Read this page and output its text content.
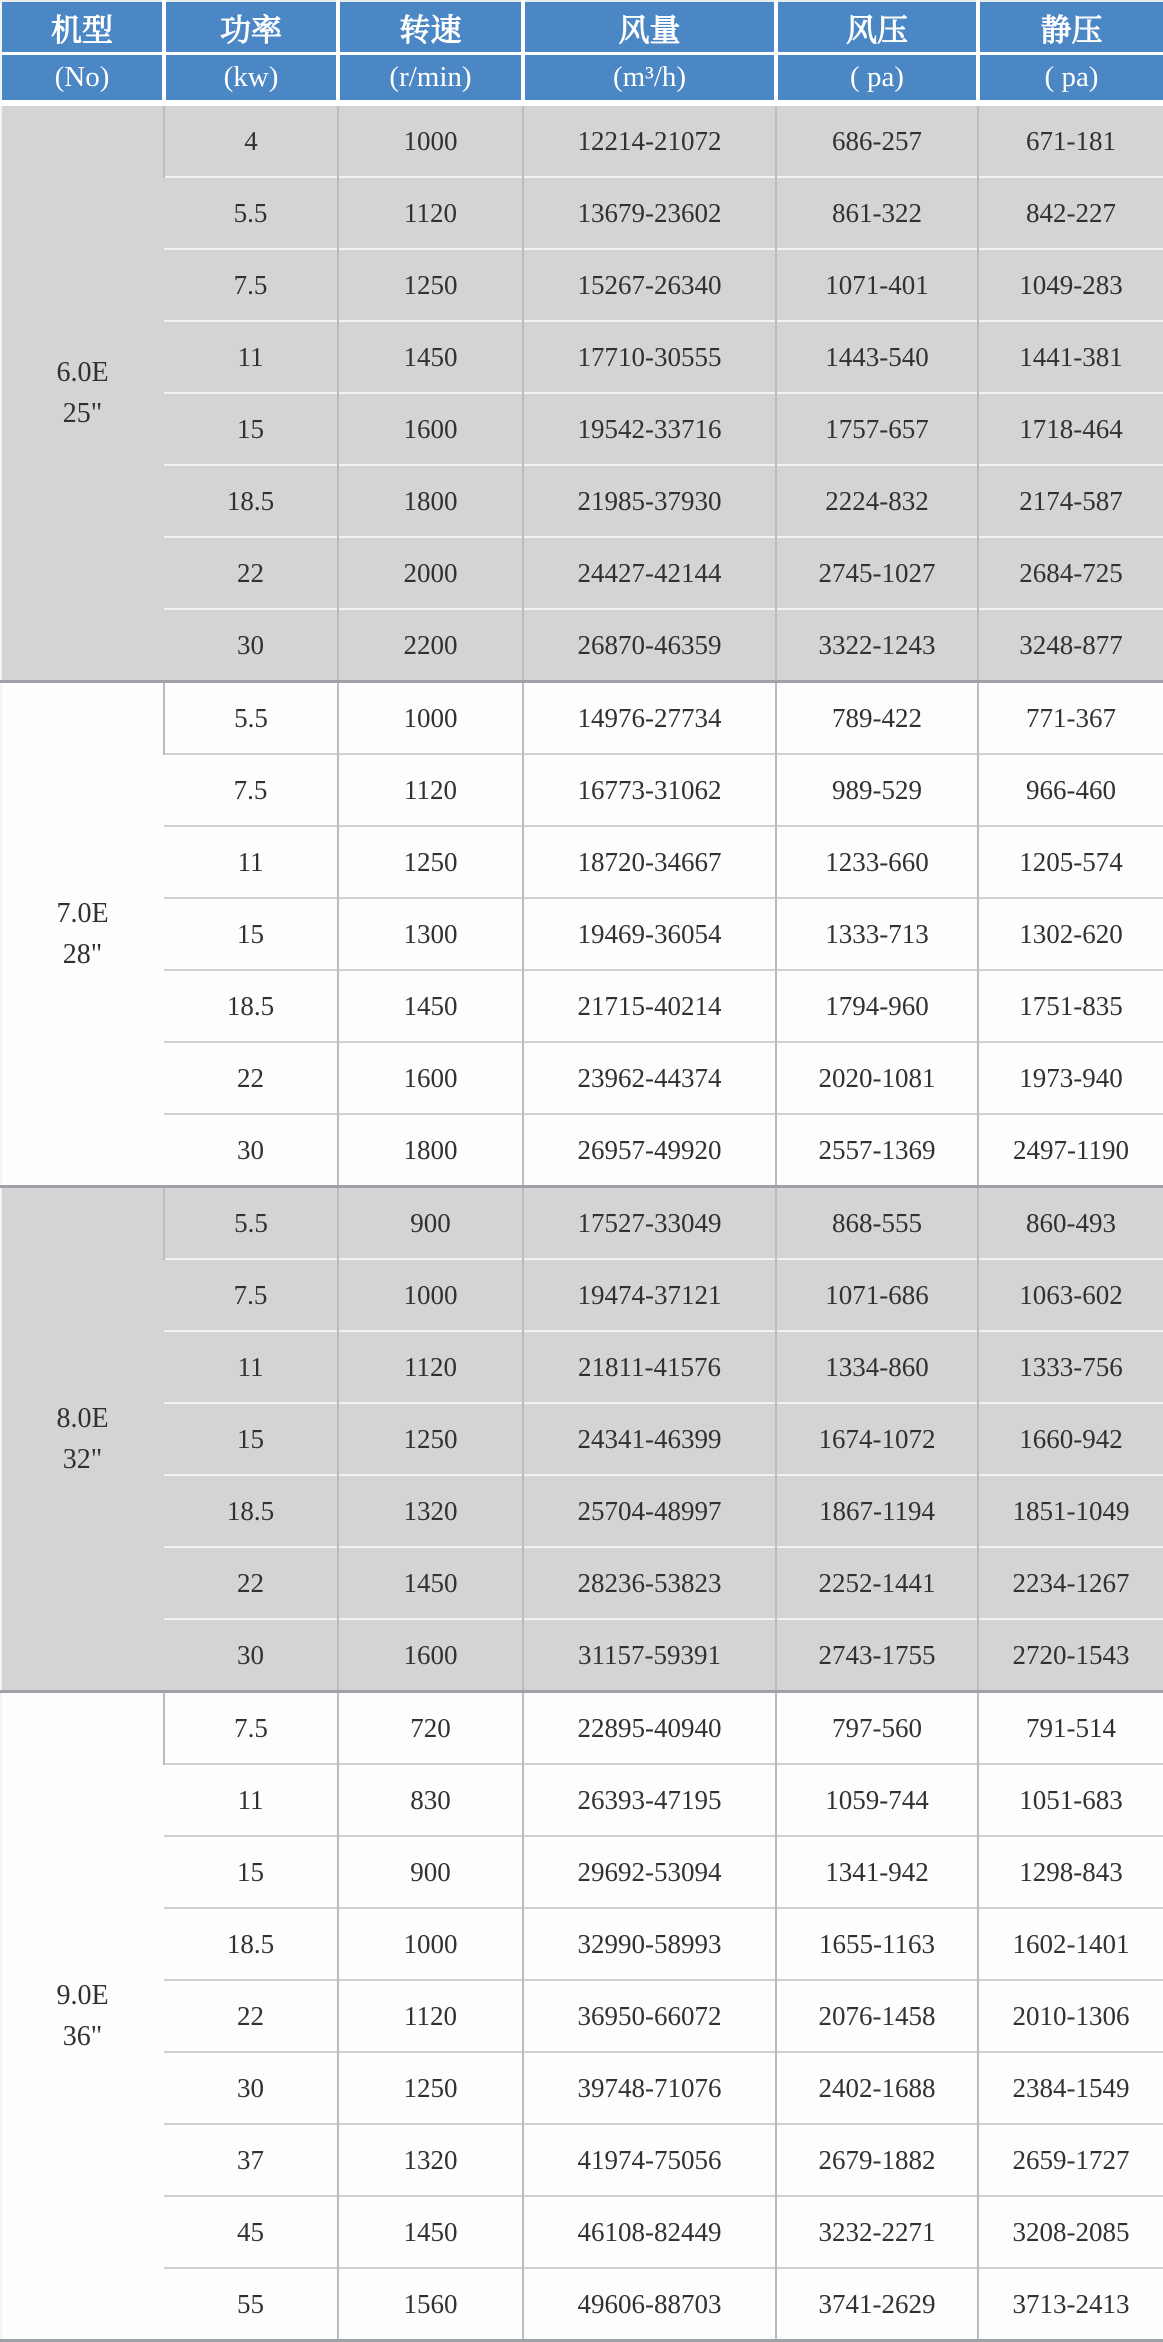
机型	功率	转速	风量	风压	静压
(No)	(kw)	(r/min)	(m³/h)	( pa)	( pa)

6.0E
25"	4	1000	12214-21072	686-257	671-181
	5.5	1120	13679-23602	861-322	842-227
	7.5	1250	15267-26340	1071-401	1049-283
	11	1450	17710-30555	1443-540	1441-381
	15	1600	19542-33716	1757-657	1718-464
	18.5	1800	21985-37930	2224-832	2174-587
	22	2000	24427-42144	2745-1027	2684-725
	30	2200	26870-46359	3322-1243	3248-877

7.0E
28"	5.5	1000	14976-27734	789-422	771-367
	7.5	1120	16773-31062	989-529	966-460
	11	1250	18720-34667	1233-660	1205-574
	15	1300	19469-36054	1333-713	1302-620
	18.5	1450	21715-40214	1794-960	1751-835
	22	1600	23962-44374	2020-1081	1973-940
	30	1800	26957-49920	2557-1369	2497-1190

8.0E
32"	5.5	900	17527-33049	868-555	860-493
	7.5	1000	19474-37121	1071-686	1063-602
	11	1120	21811-41576	1334-860	1333-756
	15	1250	24341-46399	1674-1072	1660-942
	18.5	1320	25704-48997	1867-1194	1851-1049
	22	1450	28236-53823	2252-1441	2234-1267
	30	1600	31157-59391	2743-1755	2720-1543

9.0E
36"	7.5	720	22895-40940	797-560	791-514
	11	830	26393-47195	1059-744	1051-683
	15	900	29692-53094	1341-942	1298-843
	18.5	1000	32990-58993	1655-1163	1602-1401
	22	1120	36950-66072	2076-1458	2010-1306
	30	1250	39748-71076	2402-1688	2384-1549
	37	1320	41974-75056	2679-1882	2659-1727
	45	1450	46108-82449	3232-2271	3208-2085
	55	1560	49606-88703	3741-2629	3713-2413
